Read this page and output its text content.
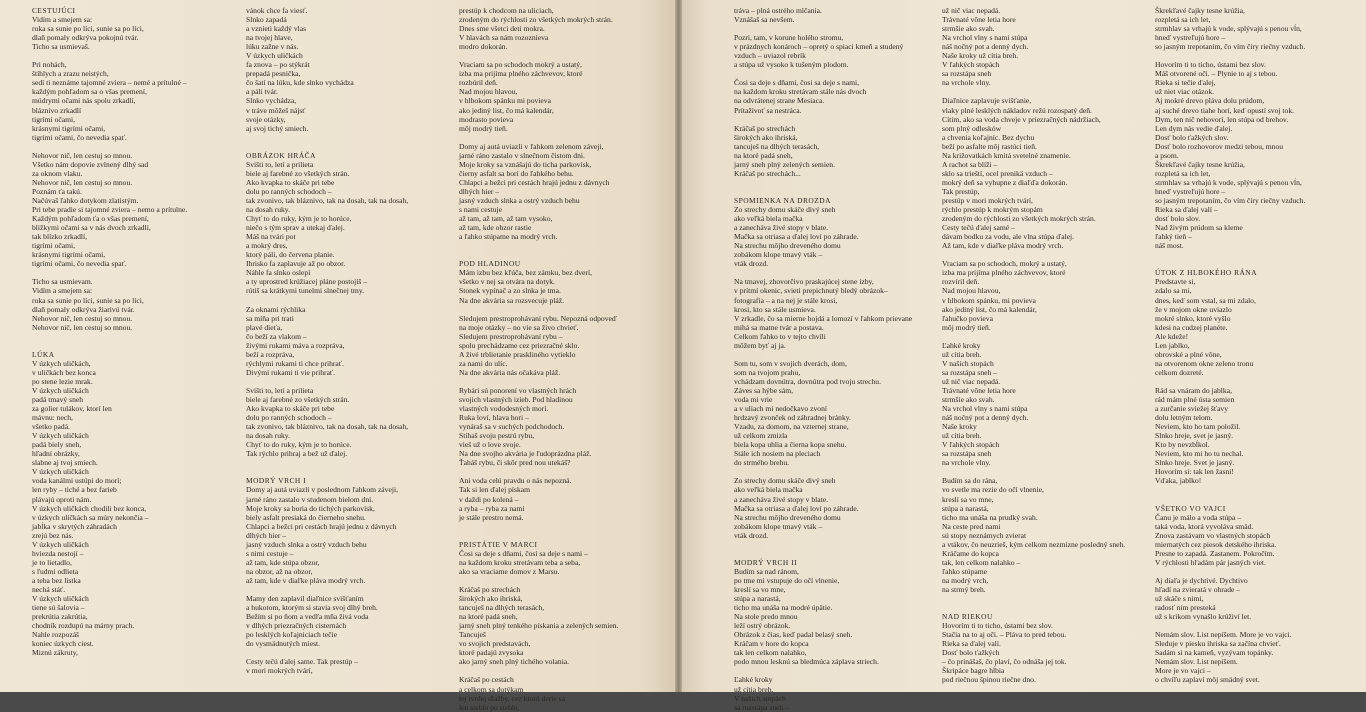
CESTUJÚCI
Vidím a smejem sa:
ruka sa sunie po líci, sunie sa po líci,
dlaň pomaly odkrýva pokojnú tvár.
Ticho sa usmievaš.
Pri nohách,
štíhlych a zrazu neistých,
sedí ti neznáme tajomné zviera – nemé a prítulné –
každým pohľadom sa o všas premení,
múdrymi očami nás spolu zrkadlí,
bláznivo zrkadlí
tigrími očami,
krásnymi tigrími očami,
tigrími očami, čo nevedia spať.
Nehovor nič, len cestuj so mnou.
Všetko nám dopovie zvlnený dlhý sad
za oknom vlaku.
Nehovor nič, len cestuj so mnou.
Poznám ťa takú.
Načúvaš ľahko dotykom zlatistým.
Pri tebe pradie si tajomné zviera – nemo a prítulne.
Každým pohľadom ťa o všas premení,
bližkymi očami sa v nás dvoch zrkadlí,
tak blízko zrkadlí,
tigrími očami,
krásnymi tigrími očami,
tigrími očami, čo nevedia spať.
Ticho sa usmievam.
Vidím a smejem sa:
ruka sa sunie po líci, sunie sa po líci,
dlaň pomaly odkrýva žiarivú tvár.
Nehovor nič, len cestuj so mnou.
Nehovor nič, len cestuj so mnou.
LÚKA
V úzkych uličkách,
v uličkách bez konca
po stene lezie mrak.
V úzkych uličkách
padá tmavý sneh
za golier tulákov, ktorí len
mávnu: nech,
všetko padá.
V úzkych uličkách
padá biely sneh,
hľadní obrázky,
slabne aj tvoj smiech.
V úzkych uličkách
voda kanálmi ustúpi do morí;
len ryby – tiché a bez farieb
plávajú oproti nám.
V úzkych uličkách chodili bez konca,
v úzkych uličkách sa múry nekončia –
jabĺka v skrytých záhradách
zrejú bez nás.
V úzkych uličkách
hviezda nestojí –
je to lietadlo,
s ľudmi odlieta
a teba bez lístka
nechá stáť.
V úzkych uličkách
tiene sú šalovia –
prekrútia zakrútia,
chodník rozdupú na márny prach.
Nahle rozpozáš
koniec úzkych ciest.
Miznú zákruty,
vánok chce fa viesť.
Slnko zapadá
a vznieti každý vlas
na tvojej hlave,
lúku zažne v nás.
V úzkych uličkách
fa znova – po stýkrát
prepadá pesnička,
čo šatí na lúku, kde slnko vychádza
a páli tvár.
Slnko vychádza,
v tráve môžeš nájsť
svoje otázky,
aj svoj tichý smiech.
OBRÁZOK HRÁČA
Svišti to, letí a prilieta
biele aj farebné zo všetkých strán.
Ako kvapka to skáče pri tebe
dolu po ranných schodoch –
tak zvonivo, tak bláznivo, tak na dosah, tak na dosah,
na dosah ruky.
Chyť to do ruky, kým je to horúce,
niečo s tým sprav a utekaj ďalej.
Máš na tvári pot
a mokrý dres,
ktorý páli, do červena planie.
Ihrisko fa zaplavuje až po obzor.
Náhle fa slnko oslepí
a ty uprostred krúžiacej pláne postojíš –
rútiš sa krátkymi tunelmi slnečnej tmy.
Za oknami rýchlika
sa míňa pri trati
plavé dieťa,
čo beží za vlakom –
živými rukami máva a rozpráva,
beží a rozpráva,
rýchlymi rukami ti chce prihrať.
Divými rukami ti vie prihrať.
Svišti to, letí a prilieta
biele aj farebné zo všetkých strán.
Ako kvapka to skáče pri tebe
dolu po ranných schodoch –
tak zvonivo, tak bláznivo, tak na dosah, tak na dosah,
na dosah ruky.
Chyť to do ruky, kým je to horúce.
Tak rýchlo prihraj a bež už ďalej.
MODRÝ VRCH I
Domy aj autá uviazli v poslednom ľahkom záveji,
jarné ráno zastalo v studenom bielom dni.
Moje kroky sa boria do tichých parkovísk,
biely asfalt presiaká do čierneho snehu.
Chlapci a bežci pri cestách hrajú jednu z dávnych
dlhých hier –
jasný vzduch slnka a ostrý vzduch behu
s nimi cestuje –
až tam, kde stúpa obzor,
na obzor, až na obzor,
až tam, kde v diaľke pláva modrý vrch.
Mamy den zaplavil diaľnice svišťaním
a hukotom, ktorým si stavia svoj dlhý breh.
Bežím si po ňom a vedľa mňa živá voda
v dlhých priezračných cisternách
po lesklých koľajniciach tečie
do vysmädnutých miest.
Cesty tečú ďalej same. Tak prestúp –
v mori mokrých tvárí,
prestúp k chodcom na uliciach,
zrodeným do rýchlosti zo všetkých mokrých strán.
Dnes sme všetci deti mokra.
V hlavách sa nám rozoznieva
modro dokorán.
Vraciam sa po schodoch mokrý a ustatý,
izba ma prijíma plného záchvevov, ktoré
rozbúril deň.
Nad mojou hlavou,
v hlbokom spánku mi povieva
ako jediný list, čo má kalendár,
modrasto povieva
môj modrý tieň.
Domy aj autá uviazli v ľahkom zelenom záveji,
jarné ráno zastalo v slnečnom čistom dni.
Moje kroky sa vznášajú do ticha parkovísk,
čierny asfalt sa borí do ľahkého behu.
Chlapci a bežci pri cestách hrajú jednu z dávnych
dlhých hier –
jasný vzduch slnka a ostrý vzduch behu
s nami cestuje
až tam, až tam, až tam vysoko,
až tam, kde obzor rastie
a ľahko stúpame na modrý vrch.
POD HLADINOU
Mám izbu bez kľúča, bez zámku, bez dverí,
všetko v nej sa otvára na dotyk.
Stonek vypínač a zo slnka je tma.
Na dne akvária sa rozsvecuje pláž.
Sledujem prestroprohávaní rybu. Nepozná odpoveď
na moje otázky – no vie sa živo chvieť.
Sledujem prestroprohávaní rybu –
spolu prechádzame cez priezračné sklo.
A živé trblietanie praskliného vytieklo
za nami do ulíc.
Na dne akvária nás očakáva pláž.
Rybári sú ponorení vo vlastných hrách
svojich vlastných izieb. Pod hladinou
vlastných vododesných morí.
Ruka loví, hlava hori –
vynáraš sa v suchých podchodoch.
Stíhaš svoju pestrú rybu,
vieš už o love svoje.
Na dne svojho akvária je ľudoprázdna pláž.
Ťaháš rybu, či skôr pred nou utekáš?
Ani voda celú pravdu o nás nepozná.
Tak si len ďalej pískam
v daždi po kolená –
a ryba – ryba za nami
je stále prestro nemá.
PRISTÁTIE V MARCI
Čosi sa deje s dňami, čosi sa deje s nami –
na každom kroku stretávam teba a seba,
ako sa vraciame domov z Marsu.
Kráčaš po strechách
širokých ako ihriská,
tancuješ na dlhých terasách,
na ktoré padá sneh,
jarný sneh plný tenkého pískania a zelených semien.
Tancuješ
vo svojich predstavách,
ktoré padajú zvysoka
ako jarný sneh plný tichého volania.
Kráčaš po cestách
a celkom sa dotýkam
tej tvrdej dlažby, cez ktorú derie sa
len steblo po steble,
tráva – plná ostrého mlčania.
Vznášaš sa nevšem.
Pozri, tam, v korune holého stromu,
v prázdnych konároch – opretý o spiaci kmeň a studený
vzduch – uviazol rebrík
a stúpa už vysoko k tušeným plodom.
Čosi sa deje s dňami, čosi sa deje s nami,
na každom kroku stretávam stále nás dvoch
na odvrátenej strane Mesiaca.
Prítaživoť sa nestráca.
Kráčaš po strechách
širokých ako ihriská,
tancuješ na dlhých terasách,
na ktoré padá sneh,
jarný sneh plný zelených semien.
Kráčaš po strechách...
SPOMIENKA NA DROZDA
Zo strechy domu skáče divý sneh
ako veľká biela mačka
a zanecháva živé stopy v blate.
Mačka sa otriasa a ďalej loví po záhrade.
Na strechu môjho dreveného domu
zobákom klope tmavý vták –
vták drozd.
Na tmavej, zhovorčivo praskajúcej stene izby,
v prítmí okenic, svieti prepichnutý bledý obrázok–
fotografia – a na nej je stále krosi,
krosi, kto sa stále usmieva.
V zrkadle, čo sa mierne hojdá a lomozí v ľahkom prievane
mihá sa matne tvár a postava.
Celkom ľahko to v tejto chvíli
môžem byť aj ja.
Som tu, som v svojich dverách, dom,
som na tvojom prahu,
vchádzam dovnútra, dovnútra pod tvoju strechu.
Záves sa hýbe sám,
voda mi vrie
a v uliach mi nedočkavo zvoní
hrdzavý zvonček od záhradnej bránky.
Vzadu, za domom, na vzternej strane,
už celkom zmizla
biela kopa uhlia a čierna kopa snehu.
Stále ich nosiem na pleciach
do strmého brehu.
Zo strechy domu skáče divý sneh
ako veľká biela mačka
a zanecháva živé stopy v blate.
Mačka sa otriasa a ďalej loví po záhrade.
Na strechu môjho dreveného domu
zobákom klope tmavý vták –
vták drozd.
MODRÝ VRCH II
Budím sa nad ránom,
po tme mi vstupuje do očí vlnenie,
kreslí sa vo mne,
stúpa a narastá,
ticho ma unáša na modré úpätie.
Na stole predo mnou
leží ostrý obrázok.
Obrázok z čias, keď padal belasý sneh.
Kráčam v hore do kopca
tak len celkom nalahko,
podo mnou lesknú sa bledmúca záplava striech.
Ľahké kroky
už cítia breh.
V našich stopách
sa rozstápa sneh –
už nič viac nepadá.
Trávnaté vône letia hore
strmšie ako svah.
Na vrchol vlny s nami stúpa
náš nočný pot a denný dych.
Naše kroky už cítia breh.
V ľahkých stopách
sa rozstápa sneh
na vrchole vlny.
Diaľnice zaplavuje svišťanie,
vlaky plné lesklých nákladov režú rozospatý deň.
Cítim, ako sa voda chveje v priezračných nádržiach,
som plný odlesków
a chvenia koľajníc. Bez dychu
beží po asfalte môj rastúci tieň.
Na križovatkách kmitá svetelné znamenie.
A rachot sa blíži –
sklo sa trieští, ocel prenikä vzduch –
mokrý deň sa vyhupne z diaľďa dokorán.
Tak prestúp,
prestúp v mori mokrých tvárí,
rýchlo prestúp k mokrým stopám
zrodeným do rýchlosti zo všetkých mokrých strán.
Cesty tečú ďalej samé –
dávam bodku za vodu, ale vlna stúpa ďalej.
Až tam, kde v diaľke pláva modrý vrch.
Vraciam sa po schodoch, mokrý a ustatý,
izba ma prijíma plného záchvevov, ktoré
rozvíril deň.
Nad mojou hlavou,
v hlbokom spánku, mi povieva
ako jediný list, čo má kalendár,
ľahučko povieva
môj modrý tieň.
Ľahké kroky
už cítia breh.
V našich stopách
sa rozstápa sneh –
už nič viac nepadá.
Trávnaté vône letia hore
strmšie ako svah.
Na vrchol vlny s nami stúpa
náš nočný pot a denný dych.
Naše kroky
už cítia breh.
V ľahkých stopách
sa rozstápa sneh
na vrchole vlny.
Budím sa do rána,
vo svetle ma rezie do očí vlnenie,
kreslí sa vo mne,
stúpa a narastá,
ticho ma unáša na prudký svah.
Na ceste pred nami
sú stopy neznámych zvierat
a vtákov, čo neuzrieš, kým celkom nezmizne posledný sneh.
Kráčame do kopca
tak, len celkom nalahko –
ľahko stúpame
na modrý vrch,
na strmý breh.
NAD RIEKOU
Hovorím ti to ticho, ústami bez slov.
Stačia na to aj oči. – Pláva to pred tebou.
Rieka sa ďalej valí.
Dosť bolo ťažkých
– čo prinášaš, čo plaví, čo odnáša jej tok.
Škripáce bagre hĺbia
pod riečnou špinou riečne dno.
Škrekľavé čajky tesne krúžia,
rozpletá sa ich let,
strmhlav sa vrhajú k vode, splývajú s penou vĺn,
hneď vystreľujú hore –
so jasným trepotaním, čo vím čiry riečny vzduch.
Hovorím ti to ticho, ústami bez slov.
Máš otvorené oči. – Plynie to aj s tebou.
Rieka si tečie ďalej,
už niet viac otázok.
Aj mokré drevo pláva dolu prúdom,
aj suché drevo tiahe horí, keď opustí svoj tok.
Dym, ten nič nehovorí, len stúpa od brehov.
Len dym nás vedie ďalej.
Dosť bolo ťažkých slov.
Dosť bolo rozhovorov medzi tebou, mnou
a psom.
Škrekľavé čajky tesne krúžia,
rozpletá sa ich let,
strmhlav sa vrhajú k vode, splývajú s penou vĺn,
hneď vystreľujú hore –
so jasným trepotaním, čo vím čiry riečny vzduch.
Rieka sa ďalej valí –
dosť bolo slov.
Nad živým prúdom sa kleme
ľahký tieň –
náš most.
ÚTOK Z HLBOKÉHO RÁNA
Predstavte si,
zdalo sa mi,
dnes, keď som vstal, sa mi zdalo,
že v mojom okne uviazlo
mokré slnko, ktoré vyšlo
kdesi na cudzej planéte.
Ale kdeže!
Len jablko,
obrovské a plné vône,
na otvorenom okne zeleno tronu
celkom dozreté.
Rád sa vnáram do jablka,
rád mám plné ústa semien
a zurčanie sviežej šťavy
dolu letným telom.
Neviem, kto ho tam položil.
Slnko hreje, svet je jasný.
Kto by nevzbĺkol.
Neviem, kto mi ho tu nechal.
Slnko hreje. Svet je jasný.
Hovorím si: tak len žasni!
Vďaka, jablko!
VŠETKO VO VAJCI
Čanu je málo a voda stúpa –
taká voda, ktorá vyvoláva smäd.
Znova zastávam vo vlastných stopách
miernatých cez piesok detského ihriska.
Presne to zapadá. Zastanem. Pokročím.
V rýchlosti hľadám pár jasných viet.
Aj diaľa je dychtivé. Dychtivo
hľadí na zvieratá v ohrade –
už skáče s nimi,
radosť nim presteká
už s krikom vynašlo krúživí let.
Nemám slov. List nepíšem. More je vo vajci.
Sleduje v piesku ihriska sa začína chvieť.
Sadám si na kameň, vyzývam topánky.
Nemám slov. List nepíšem.
More je vo vajci –
o chvíľu zaplaví môj smädný svet.
